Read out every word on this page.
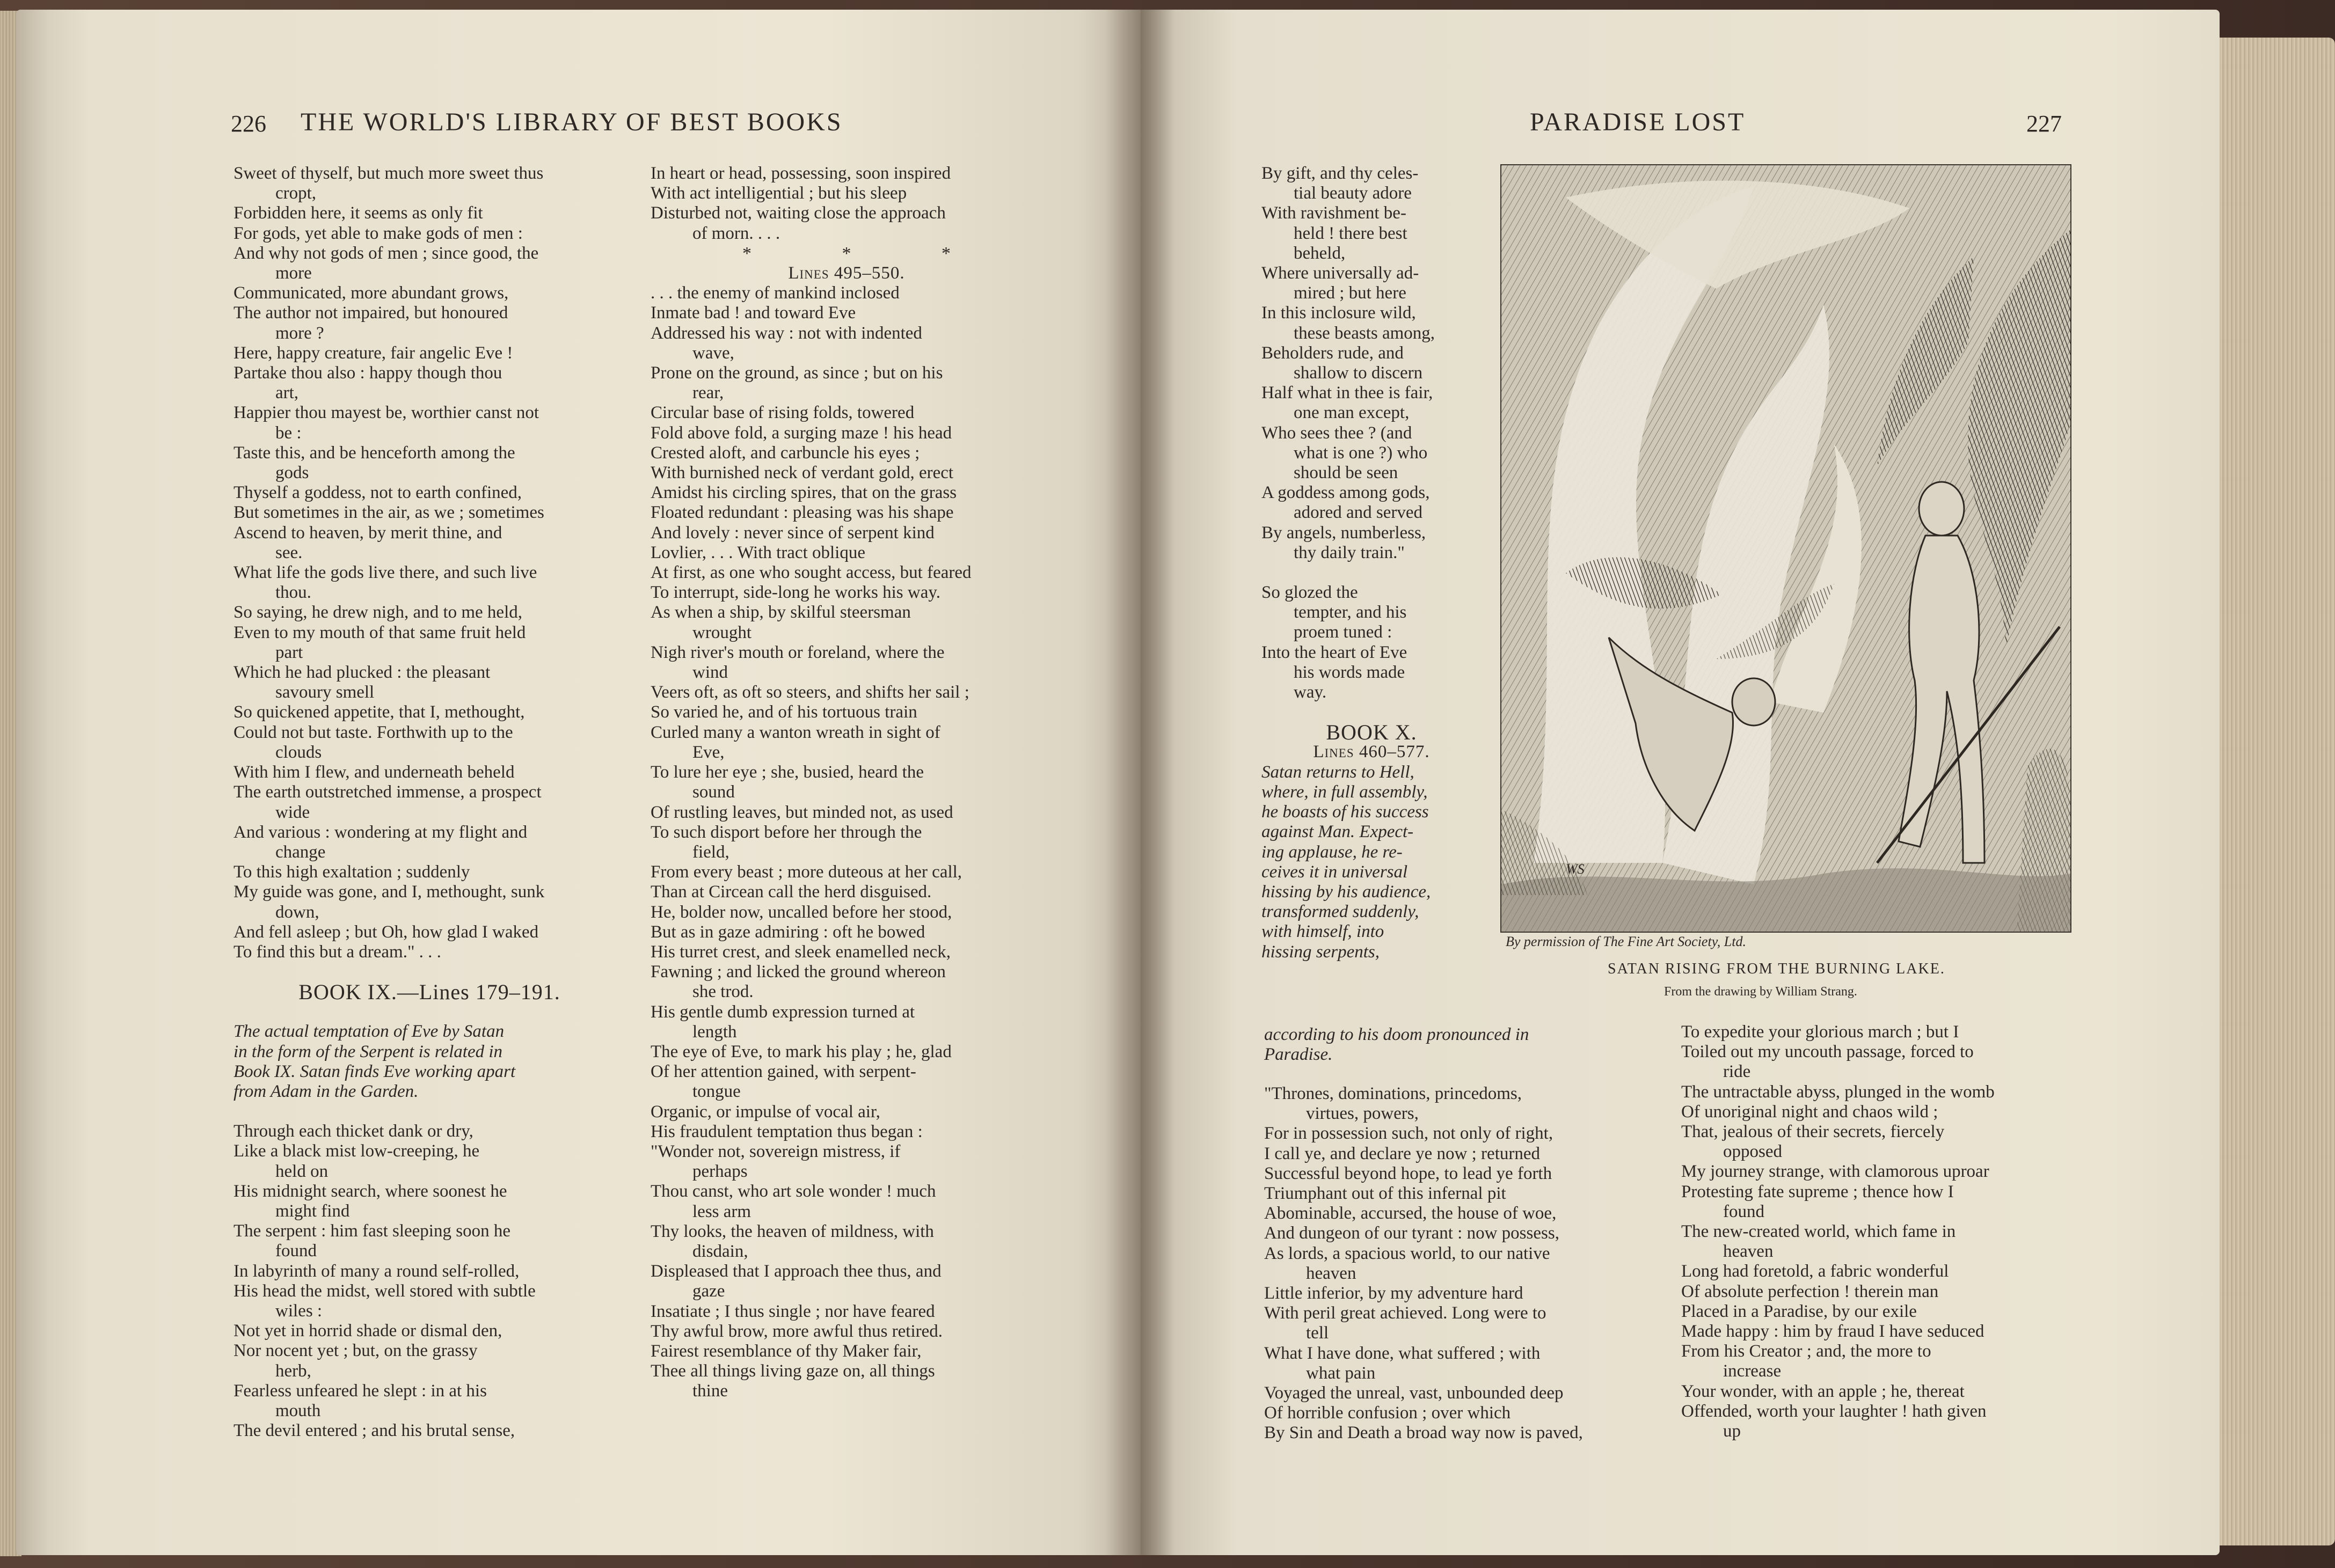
226 THE WORLD'S LIBRARY OF BEST BOOKS	PARADISE LOST	227
Sweet of thyself, but much more sweet thus
cropt,
Forbidden here, it seems as only fit
For gods, yet able to make gods of men :
And why not gods of men ; since good, the
more
Communicated, more abundant grows,
The author not impaired, but honoured
more ?
Here, happy creature, fair angelic Eve !
Partake thou also : happy though thou
art,
Happier thou mayest be, worthier canst not
be :
Taste this, and be henceforth among the
gods
Thyself a goddess, not to earth confined,
But sometimes in the air, as we ; sometimes
Ascend to heaven, by merit thine, and
see.
What life the gods live there, and such live
thou.
So saying, he drew nigh, and to me held,
Even to my mouth of that same fruit held
part
Which he had plucked : the pleasant
savoury smell
So quickened appetite, that I, methought,
Could not but taste. Forthwith up to the
clouds
With him I flew, and underneath beheld
The earth outstretched immense, a prospect
wide
And various : wondering at my flight and
change
To this high exaltation ; suddenly
My guide was gone, and I, methought, sunk
down,
And fell asleep ; but Oh, how glad I waked
To find this but a dream." . . .
BOOK IX.—Lines 179–191.
The actual temptation of Eve by Satan
in the form of the Serpent is related in
Book IX. Satan finds Eve working apart
from Adam in the Garden.
Through each thicket dank or dry,
Like a black mist low-creeping, he
held on
His midnight search, where soonest he
might find
The serpent : him fast sleeping soon he
found
In labyrinth of many a round self-rolled,
His head the midst, well stored with subtle
wiles :
Not yet in horrid shade or dismal den,
Nor nocent yet ; but, on the grassy
herb,
Fearless unfeared he slept : in at his
mouth
The devil entered ; and his brutal sense,
In heart or head, possessing, soon inspired
With act intelligential ; but his sleep
Disturbed not, waiting close the approach
of morn. . . .
* * *
Lines 495–550.
. . . the enemy of mankind inclosed
Inmate bad ! and toward Eve
Addressed his way : not with indented
wave,
Prone on the ground, as since ; but on his
rear,
Circular base of rising folds, towered
Fold above fold, a surging maze ! his head
Crested aloft, and carbuncle his eyes ;
With burnished neck of verdant gold, erect
Amidst his circling spires, that on the grass
Floated redundant : pleasing was his shape
And lovely : never since of serpent kind
Lovlier, . . . With tract oblique
At first, as one who sought access, but feared
To interrupt, side-long he works his way.
As when a ship, by skilful steersman
wrought
Nigh river's mouth or foreland, where the
wind
Veers oft, as oft so steers, and shifts her sail ;
So varied he, and of his tortuous train
Curled many a wanton wreath in sight of
Eve,
To lure her eye ; she, busied, heard the
sound
Of rustling leaves, but minded not, as used
To such disport before her through the
field,
From every beast ; more duteous at her call,
Than at Circean call the herd disguised.
He, bolder now, uncalled before her stood,
But as in gaze admiring : oft he bowed
His turret crest, and sleek enamelled neck,
Fawning ; and licked the ground whereon
she trod.
His gentle dumb expression turned at
length
The eye of Eve, to mark his play ; he, glad
Of her attention gained, with serpent-
tongue
Organic, or impulse of vocal air,
His fraudulent temptation thus began :
"Wonder not, sovereign mistress, if
perhaps
Thou canst, who art sole wonder ! much
less arm
Thy looks, the heaven of mildness, with
disdain,
Displeased that I approach thee thus, and
gaze
Insatiate ; I thus single ; nor have feared
Thy awful brow, more awful thus retired.
Fairest resemblance of thy Maker fair,
Thee all things living gaze on, all things
thine
By gift, and thy celes-
tial beauty adore
With ravishment be-
held ! there best
beheld,
Where universally ad-
mired ; but here
In this inclosure wild,
these beasts among,
Beholders rude, and
shallow to discern
Half what in thee is fair,
one man except,
Who sees thee ? (and
what is one ?) who
should be seen
A goddess among gods,
adored and served
By angels, numberless,
thy daily train."
So glozed the
tempter, and his
proem tuned :
Into the heart of Eve
his words made
way.
BOOK X.
Lines 460–577.
Satan returns to Hell,
where, in full assembly,
he boasts of his success
against Man. Expect-
ing applause, he re-
ceives it in universal
hissing by his audience,
transformed suddenly,
with himself, into
hissing serpents,
according to his doom pronounced in
Paradise.
"Thrones, dominations, princedoms,
virtues, powers,
For in possession such, not only of right,
I call ye, and declare ye now ; returned
Successful beyond hope, to lead ye forth
Triumphant out of this infernal pit
Abominable, accursed, the house of woe,
And dungeon of our tyrant : now possess,
As lords, a spacious world, to our native
heaven
Little inferior, by my adventure hard
With peril great achieved. Long were to
tell
What I have done, what suffered ; with
what pain
Voyaged the unreal, vast, unbounded deep
Of horrible confusion ; over which
By Sin and Death a broad way now is paved,
To expedite your glorious march ; but I
Toiled out my uncouth passage, forced to
ride
The untractable abyss, plunged in the womb
Of unoriginal night and chaos wild ;
That, jealous of their secrets, fiercely
opposed
My journey strange, with clamorous uproar
Protesting fate supreme ; thence how I
found
The new-created world, which fame in
heaven
Long had foretold, a fabric wonderful
Of absolute perfection ! therein man
Placed in a Paradise, by our exile
Made happy : him by fraud I have seduced
From his Creator ; and, the more to
increase
Your wonder, with an apple ; he, thereat
Offended, worth your laughter ! hath given
up
WS
By permission of The Fine Art Society, Ltd.
SATAN RISING FROM THE BURNING LAKE.
From the drawing by William Strang.
